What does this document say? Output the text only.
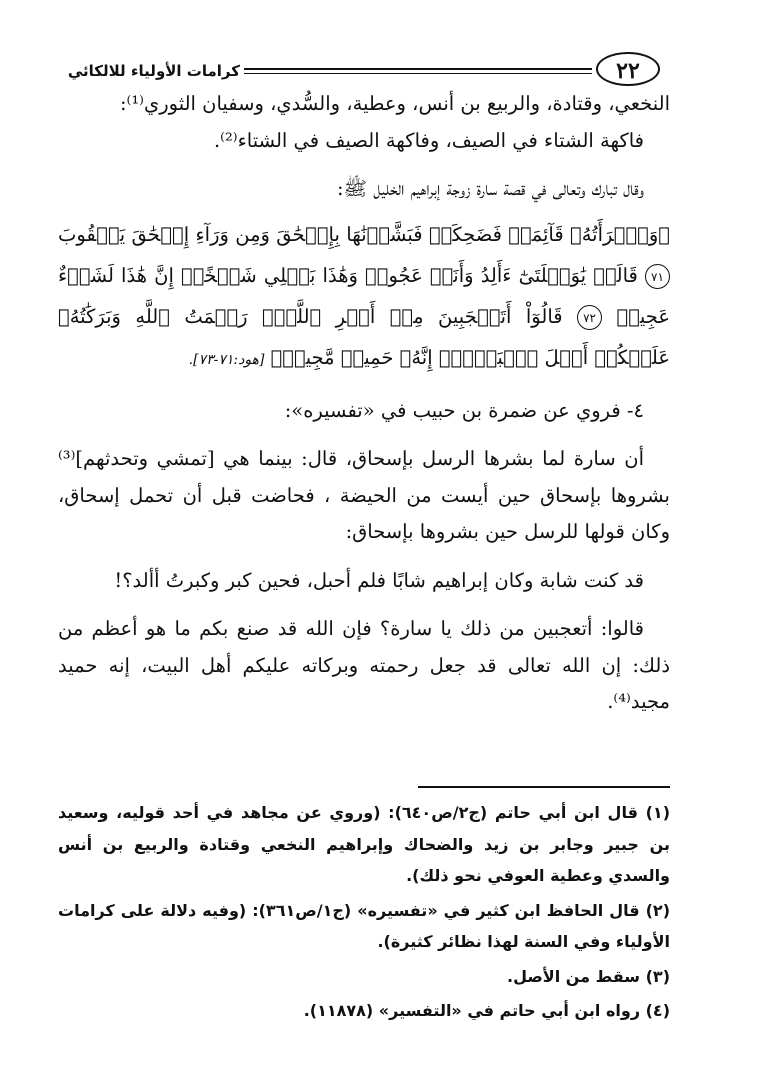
كرامات الأولياء للالكائي	٢٢

النخعي، وقتادة، والربيع بن أنس، وعطية، والسُّدي، وسفيان الثوري⁽¹⁾:

فاكهة الشتاء في الصيف، وفاكهة الصيف في الشتاء⁽²⁾.

وقال تبارك وتعالى في قصة سارة زوجة إبراهيم الخليل ﷺ:

﴿وَٱمۡرَأَتُهُۥ قَآئِمَةٞ فَضَحِكَتۡ فَبَشَّرۡنَٰهَا بِإِسۡحَٰقَ وَمِن وَرَآءِ إِسۡحَٰقَ يَعۡقُوبَ ٧١ قَالَتۡ يَٰوَيۡلَتَىٰٓ ءَأَلِدُ وَأَنَا۠ عَجُوزٞ وَهَٰذَا بَعۡلِي شَيۡخًاۖ إِنَّ هَٰذَا لَشَيۡءٌ عَجِيبٞ ٧٢ قَالُوٓاْ أَتَعۡجَبِينَ مِنۡ أَمۡرِ ٱللَّهِۖ رَحۡمَتُ ٱللَّهِ وَبَرَكَٰتُهُۥ عَلَيۡكُمۡ أَهۡلَ ٱلۡبَيۡتِۚ إِنَّهُۥ حَمِيدٞ مَّجِيدٞ﴾ [هود:٧١-٧٣].

٤- فروي عن ضمرة بن حبيب في «تفسيره»:

أن سارة لما بشرها الرسل بإسحاق، قال: بينما هي [تمشي وتحدثهم]⁽³⁾ بشروها بإسحاق حين أيست من الحيضة ، فحاضت قبل أن تحمل إسحاق، وكان قولها للرسل حين بشروها بإسحاق:

قد كنت شابة وكان إبراهيم شابًا فلم أحبل، فحين كبر وكبرتُ أألد؟!

قالوا: أتعجبين من ذلك يا سارة؟ فإن الله قد صنع بكم ما هو أعظم من ذلك: إن الله تعالى قد جعل رحمته وبركاته عليكم أهل البيت، إنه حميد مجيد⁽⁴⁾.

(١) قال ابن أبي حاتم (ج٢/ص٦٤٠): (وروي عن مجاهد في أحد قوليه، وسعيد بن جبير وجابر بن زيد والضحاك وإبراهيم النخعي وقتادة والربيع بن أنس والسدي وعطية العوفي نحو ذلك).

(٢) قال الحافظ ابن كثير في «تفسيره» (ج١/ص٣٦١): (وفيه دلالة على كرامات الأولياء وفي السنة لهذا نظائر كثيرة).

(٣) سقط من الأصل.

(٤) رواه ابن أبي حاتم في «التفسير» (١١٨٧٨).
